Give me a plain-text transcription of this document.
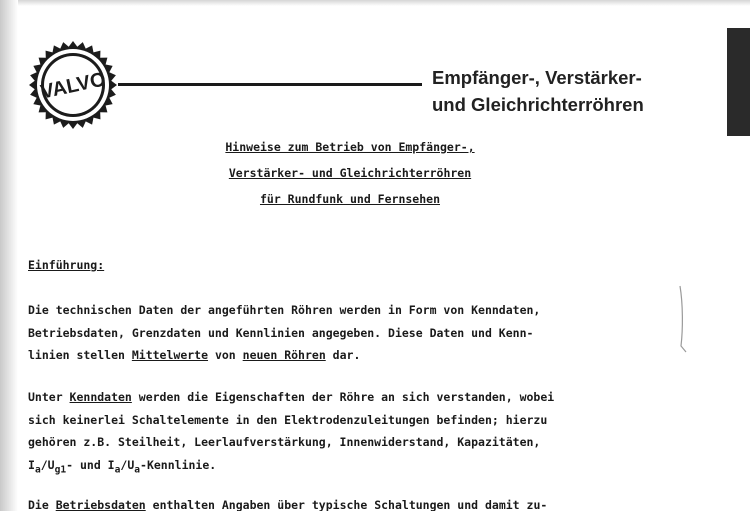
VALVO	Empfänger-, Verstärker-
und Gleichrichterröhren
Hinweise zum Betrieb von Empfänger-,
Verstärker- und Gleichrichterröhren
für Rundfunk und Fernsehen

Einführung:

Die technischen Daten der angeführten Röhren werden in Form von Kenndaten,
Betriebsdaten, Grenzdaten und Kennlinien angegeben. Diese Daten und Kenn-
linien stellen Mittelwerte von neuen Röhren dar.
Unter Kenndaten werden die Eigenschaften der Röhre an sich verstanden, wobei
sich keinerlei Schaltelemente in den Elektrodenzuleitungen befinden; hierzu
gehören z.B. Steilheit, Leerlaufverstärkung, Innenwiderstand, Kapazitäten,
$I_a/U_{g1}-$ und $I_a/U_a$-Kennlinie.
Die Betriebsdaten enthalten Angaben über typische Schaltungen und damit zu-
